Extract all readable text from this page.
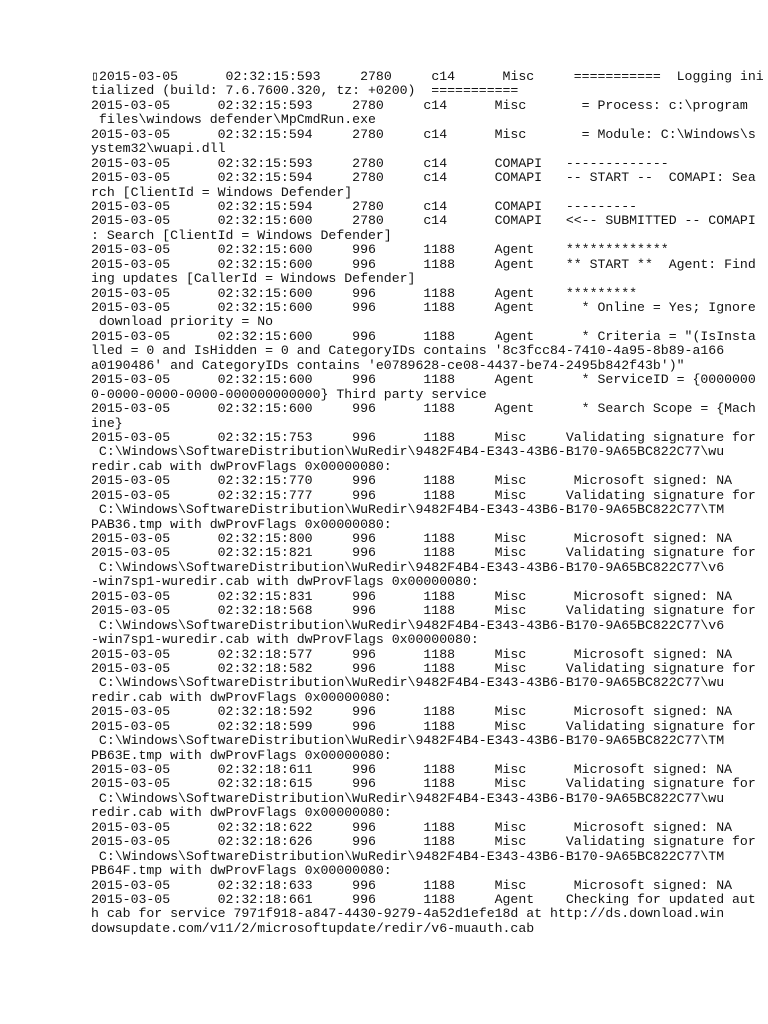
▯2015-03-05      02:32:15:593     2780     c14      Misc     ===========  Logging ini
tialized (build: 7.6.7600.320, tz: +0200)  ===========
2015-03-05      02:32:15:593     2780     c14      Misc       = Process: c:\program
files\windows defender\MpCmdRun.exe
2015-03-05      02:32:15:594     2780     c14      Misc       = Module: C:\Windows\s
ystem32\wuapi.dll
2015-03-05      02:32:15:593     2780     c14      COMAPI   -------------
2015-03-05      02:32:15:594     2780     c14      COMAPI   -- START --  COMAPI: Sea
rch [ClientId = Windows Defender]
2015-03-05      02:32:15:594     2780     c14      COMAPI   ---------
2015-03-05      02:32:15:600     2780     c14      COMAPI   <<-- SUBMITTED -- COMAPI
: Search [ClientId = Windows Defender]
2015-03-05      02:32:15:600     996      1188     Agent    *************
2015-03-05      02:32:15:600     996      1188     Agent    ** START **  Agent: Find
ing updates [CallerId = Windows Defender]
2015-03-05      02:32:15:600     996      1188     Agent    *********
2015-03-05      02:32:15:600     996      1188     Agent      * Online = Yes; Ignore
download priority = No
2015-03-05      02:32:15:600     996      1188     Agent      * Criteria = "(IsInsta
lled = 0 and IsHidden = 0 and CategoryIDs contains '8c3fcc84-7410-4a95-8b89-a166
a0190486' and CategoryIDs contains 'e0789628-ce08-4437-be74-2495b842f43b')"
2015-03-05      02:32:15:600     996      1188     Agent      * ServiceID = {0000000
0-0000-0000-0000-000000000000} Third party service
2015-03-05      02:32:15:600     996      1188     Agent      * Search Scope = {Mach
ine}
2015-03-05      02:32:15:753     996      1188     Misc     Validating signature for
C:\Windows\SoftwareDistribution\WuRedir\9482F4B4-E343-43B6-B170-9A65BC822C77\wu
redir.cab with dwProvFlags 0x00000080:
2015-03-05      02:32:15:770     996      1188     Misc      Microsoft signed: NA
2015-03-05      02:32:15:777     996      1188     Misc     Validating signature for
C:\Windows\SoftwareDistribution\WuRedir\9482F4B4-E343-43B6-B170-9A65BC822C77\TM
PAB36.tmp with dwProvFlags 0x00000080:
2015-03-05      02:32:15:800     996      1188     Misc      Microsoft signed: NA
2015-03-05      02:32:15:821     996      1188     Misc     Validating signature for
C:\Windows\SoftwareDistribution\WuRedir\9482F4B4-E343-43B6-B170-9A65BC822C77\v6
-win7sp1-wuredir.cab with dwProvFlags 0x00000080:
2015-03-05      02:32:15:831     996      1188     Misc      Microsoft signed: NA
2015-03-05      02:32:18:568     996      1188     Misc     Validating signature for
C:\Windows\SoftwareDistribution\WuRedir\9482F4B4-E343-43B6-B170-9A65BC822C77\v6
-win7sp1-wuredir.cab with dwProvFlags 0x00000080:
2015-03-05      02:32:18:577     996      1188     Misc      Microsoft signed: NA
2015-03-05      02:32:18:582     996      1188     Misc     Validating signature for
C:\Windows\SoftwareDistribution\WuRedir\9482F4B4-E343-43B6-B170-9A65BC822C77\wu
redir.cab with dwProvFlags 0x00000080:
2015-03-05      02:32:18:592     996      1188     Misc      Microsoft signed: NA
2015-03-05      02:32:18:599     996      1188     Misc     Validating signature for
C:\Windows\SoftwareDistribution\WuRedir\9482F4B4-E343-43B6-B170-9A65BC822C77\TM
PB63E.tmp with dwProvFlags 0x00000080:
2015-03-05      02:32:18:611     996      1188     Misc      Microsoft signed: NA
2015-03-05      02:32:18:615     996      1188     Misc     Validating signature for
C:\Windows\SoftwareDistribution\WuRedir\9482F4B4-E343-43B6-B170-9A65BC822C77\wu
redir.cab with dwProvFlags 0x00000080:
2015-03-05      02:32:18:622     996      1188     Misc      Microsoft signed: NA
2015-03-05      02:32:18:626     996      1188     Misc     Validating signature for
C:\Windows\SoftwareDistribution\WuRedir\9482F4B4-E343-43B6-B170-9A65BC822C77\TM
PB64F.tmp with dwProvFlags 0x00000080:
2015-03-05      02:32:18:633     996      1188     Misc      Microsoft signed: NA
2015-03-05      02:32:18:661     996      1188     Agent    Checking for updated aut
h cab for service 7971f918-a847-4430-9279-4a52d1efe18d at http://ds.download.win
dowsupdate.com/v11/2/microsoftupdate/redir/v6-muauth.cab
